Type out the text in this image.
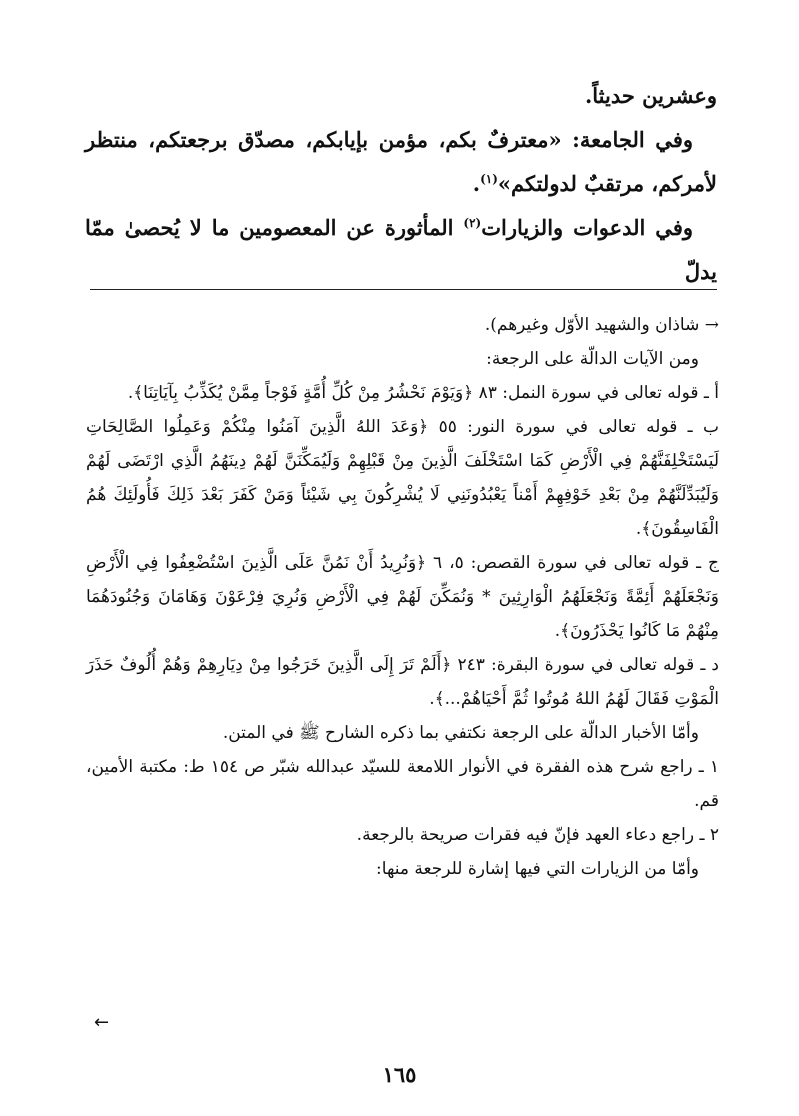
وعشرين حديثاً.

وفي الجامعة: «معترفٌ بكم، مؤمن بإيابكم، مصدّق برجعتكم، منتظر لأمركم، مرتقبٌ لدولتكم»$^{(١)}$.

وفي الدعوات والزيارات$^{(٢)}$ المأثورة عن المعصومين ما لا يُحصىٰ ممّا يدلّ

→ شاذان والشهيد الأوّل وغيرهم).

ومن الآيات الدالّة على الرجعة:

أ ـ قوله تعالى في سورة النمل: ٨٣ ﴿وَيَوْمَ نَحْشُرُ مِنْ كُلِّ أُمَّةٍ فَوْجاً مِمَّنْ يُكَذِّبُ بِآيَاتِنَا﴾.

ب ـ قوله تعالى في سورة النور: ٥٥ ﴿وَعَدَ اللهُ الَّذِينَ آمَنُوا مِنْكُمْ وَعَمِلُوا الصَّالِحَاتِ لَيَسْتَخْلِفَنَّهُمْ فِي الْأَرْضِ كَمَا اسْتَخْلَفَ الَّذِينَ مِنْ قَبْلِهِمْ وَلَيُمَكِّنَنَّ لَهُمْ دِينَهُمُ الَّذِي ارْتَضَى لَهُمْ وَلَيُبَدِّلَنَّهُمْ مِنْ بَعْدِ خَوْفِهِمْ أَمْناً يَعْبُدُونَنِي لَا يُشْرِكُونَ بِي شَيْئاً وَمَنْ كَفَرَ بَعْدَ ذَلِكَ فَأُولَئِكَ هُمُ الْفَاسِقُونَ﴾.

ج ـ قوله تعالى في سورة القصص: ٥، ٦ ﴿وَنُرِيدُ أَنْ نَمُنَّ عَلَى الَّذِينَ اسْتُضْعِفُوا فِي الْأَرْضِ وَنَجْعَلَهُمْ أَئِمَّةً وَنَجْعَلَهُمُ الْوَارِثِينَ * وَنُمَكِّنَ لَهُمْ فِي الْأَرْضِ وَنُرِيَ فِرْعَوْنَ وَهَامَانَ وَجُنُودَهُمَا مِنْهُمْ مَا كَانُوا يَحْذَرُونَ﴾.

د ـ قوله تعالى في سورة البقرة: ٢٤٣ ﴿أَلَمْ تَرَ إِلَى الَّذِينَ خَرَجُوا مِنْ دِيَارِهِمْ وَهُمْ أُلُوفٌ حَذَرَ الْمَوْتِ فَقَالَ لَهُمُ اللهُ مُوتُوا ثُمَّ أَحْيَاهُمْ...﴾.

وأمّا الأخبار الدالّة على الرجعة نكتفي بما ذكره الشارح ﷺ في المتن.

١ ـ راجع شرح هذه الفقرة في الأنوار اللامعة للسيّد عبدالله شبّر ص ١٥٤ ط: مكتبة الأمين، قم.

٢ ـ راجع دعاء العهد فإنّ فيه فقرات صريحة بالرجعة.

وأمّا من الزيارات التي فيها إشارة للرجعة منها:

←
١٦٥
